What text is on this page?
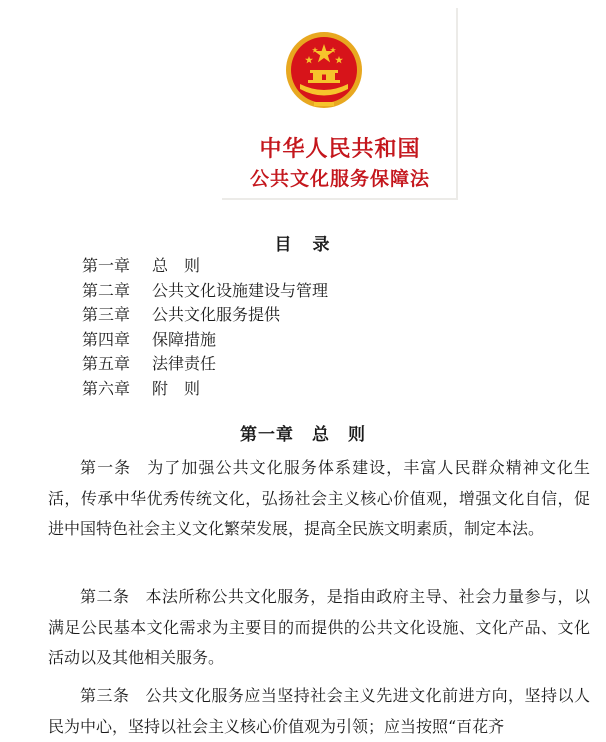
中华人民共和国
公共文化服务保障法
目　录
第一章 总　则
第二章 公共文化设施建设与管理
第三章 公共文化服务提供
第四章 保障措施
第五章 法律责任
第六章 附　则
第一章　总　则

第一条 为了加强公共文化服务体系建设，丰富人民群众精神文化生活，传承中华优秀传统文化，弘扬社会主义核心价值观，增强文化自信，促进中国特色社会主义文化繁荣发展，提高全民族文明素质，制定本法。

第二条 本法所称公共文化服务，是指由政府主导、社会力量参与，以满足公民基本文化需求为主要目的而提供的公共文化设施、文化产品、文化活动以及其他相关服务。

第三条 公共文化服务应当坚持社会主义先进文化前进方向，坚持以人民为中心，坚持以社会主义核心价值观为引领；应当按照“百花齐
